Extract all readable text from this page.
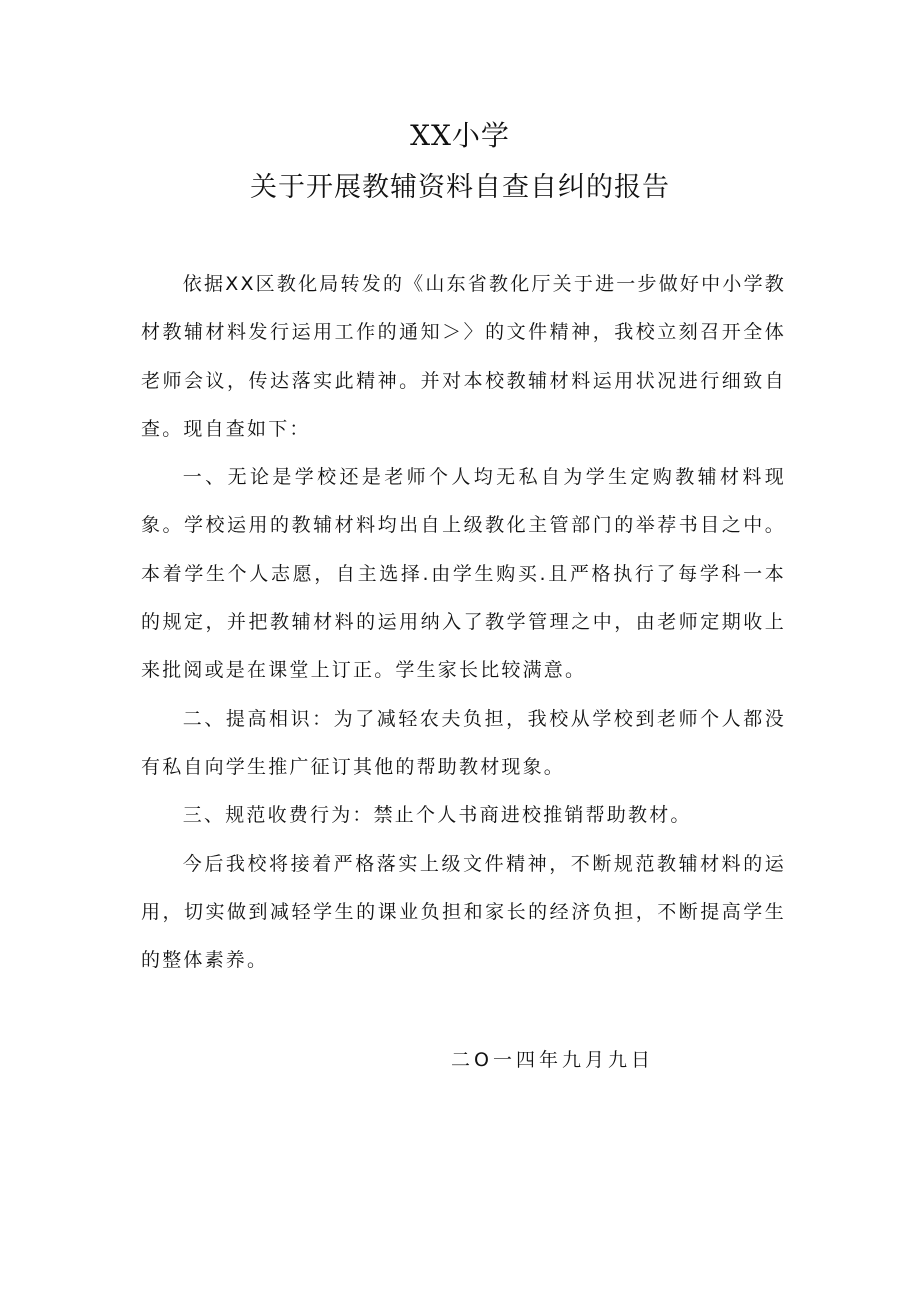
XX小学
关于开展教辅资料自查自纠的报告

依据XX区教化局转发的《山东省教化厅关于进一步做好中小学教材教辅材料发行运用工作的通知＞〉的文件精神，我校立刻召开全体老师会议，传达落实此精神。并对本校教辅材料运用状况进行细致自查。现自查如下：

一、无论是学校还是老师个人均无私自为学生定购教辅材料现象。学校运用的教辅材料均出自上级教化主管部门的举荐书目之中。本着学生个人志愿，自主选择.由学生购买.且严格执行了每学科一本的规定，并把教辅材料的运用纳入了教学管理之中，由老师定期收上来批阅或是在课堂上订正。学生家长比较满意。

二、提高相识：为了减轻农夫负担，我校从学校到老师个人都没有私自向学生推广征订其他的帮助教材现象。

三、规范收费行为：禁止个人书商进校推销帮助教材。

今后我校将接着严格落实上级文件精神，不断规范教辅材料的运用，切实做到减轻学生的课业负担和家长的经济负担，不断提高学生的整体素养。

二O一四年九月九日
